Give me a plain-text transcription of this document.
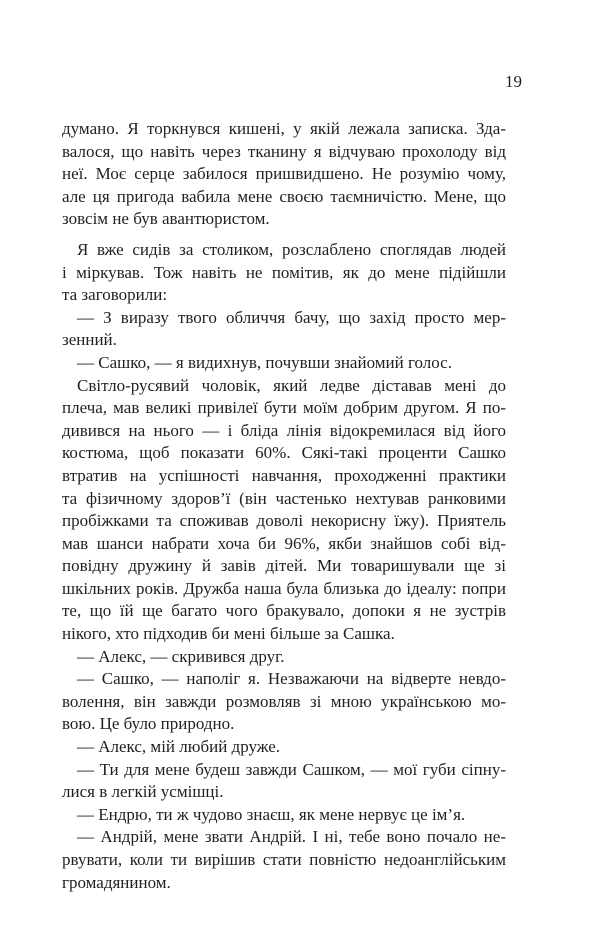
19
думано. Я торкнувся кишені, у якій лежала записка. Зда-
валося, що навіть через тканину я відчуваю прохолоду від
неї. Моє серце забилося пришвидшено. Не розумію чому,
але ця пригода вабила мене своєю таємничістю. Мене, що
зовсім не був авантюристом.
Я вже сидів за столиком, розслаблено споглядав людей
і міркував. Тож навіть не помітив, як до мене підійшли
та заговорили:
— З виразу твого обличчя бачу, що захід просто мер-
зенний.
— Сашко, — я видихнув, почувши знайомий голос.
Світло-русявий чоловік, який ледве діставав мені до
плеча, мав великі привілеї бути моїм добрим другом. Я по-
дивився на нього — і бліда лінія відокремилася від його
костюма, щоб показати 60%. Сякі-такі проценти Сашко
втратив на успішності навчання, проходженні практики
та фізичному здоров’ї (він частенько нехтував ранковими
пробіжками та споживав доволі некорисну їжу). Приятель
мав шанси набрати хоча би 96%, якби знайшов собі від-
повідну дружину й завів дітей. Ми товаришували ще зі
шкільних років. Дружба наша була близька до ідеалу: попри
те, що їй ще багато чого бракувало, допоки я не зустрів
нікого, хто підходив би мені більше за Сашка.
— Алекс, — скривився друг.
— Сашко, — наполіг я. Незважаючи на відверте невдо-
волення, він завжди розмовляв зі мною українською мо-
вою. Це було природно.
— Алекс, мій любий друже.
— Ти для мене будеш завжди Сашком, — мої губи сіпну-
лися в легкій усмішці.
— Ендрю, ти ж чудово знаєш, як мене нервує це ім’я.
— Андрій, мене звати Андрій. І ні, тебе воно почало не-
рвувати, коли ти вирішив стати повністю недоанглійським
громадянином.
